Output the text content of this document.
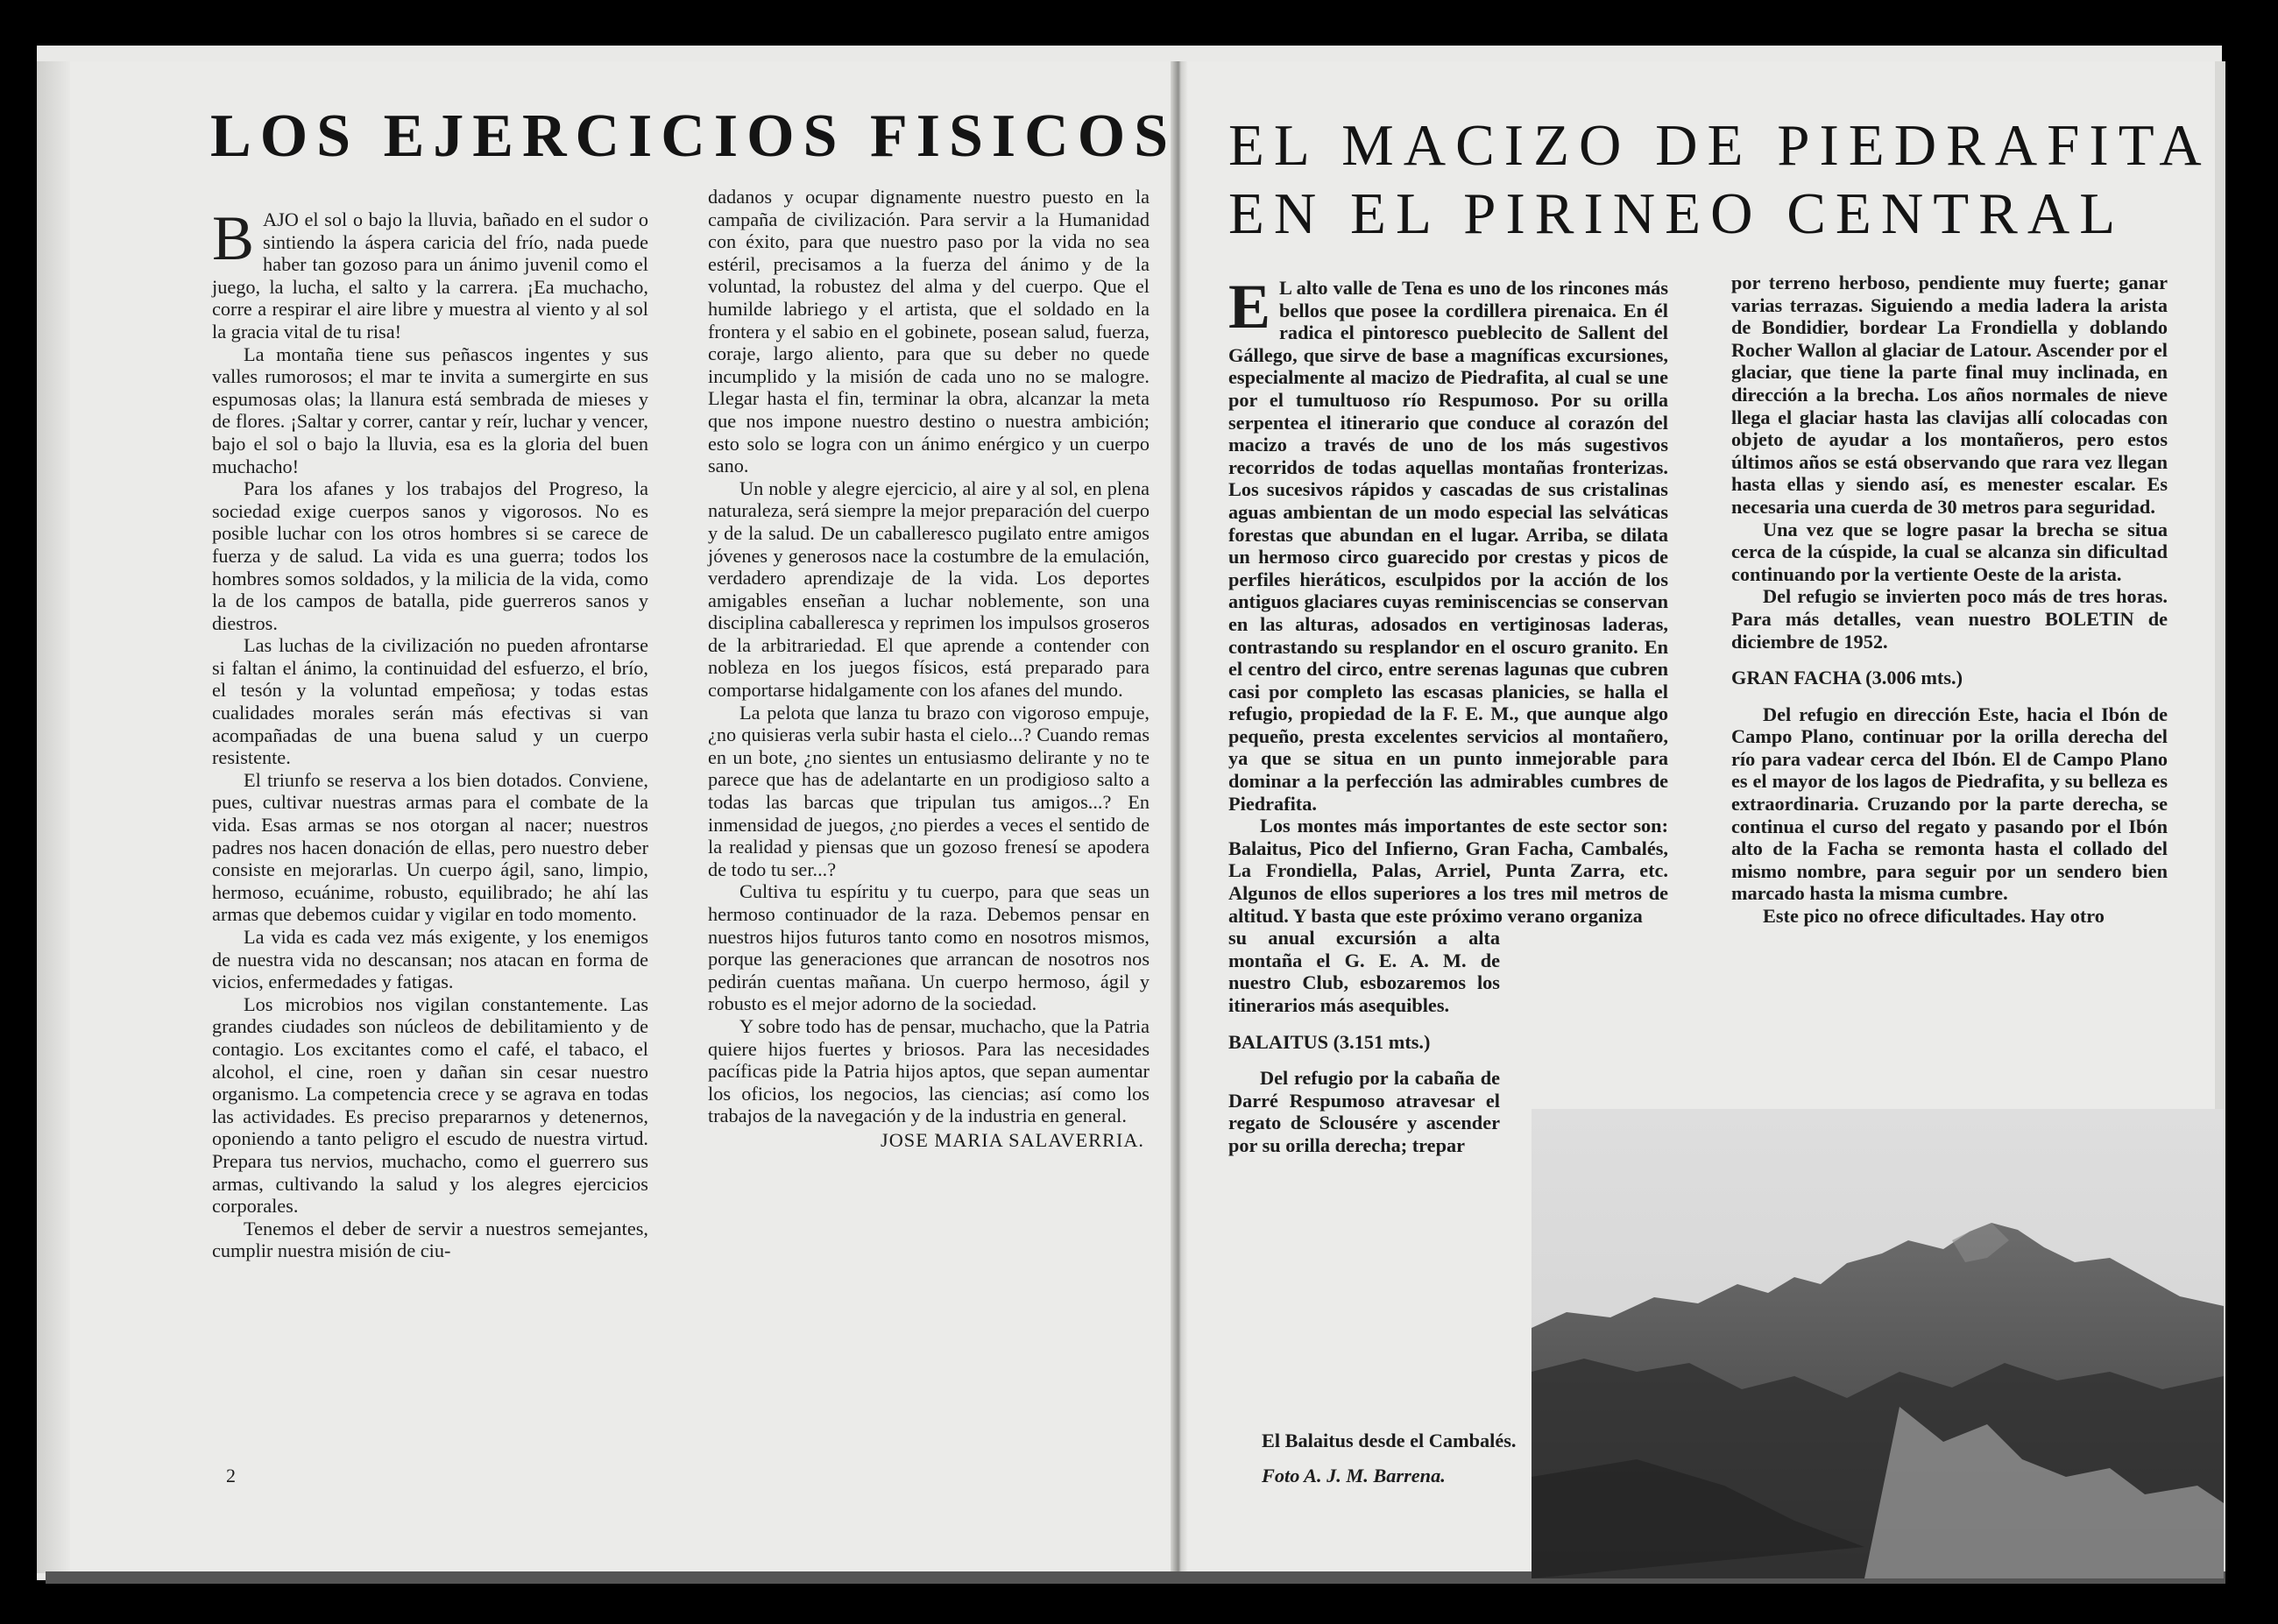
LOS EJERCICIOS FISICOS

BAJO el sol o bajo la lluvia, bañado en el sudor o sintiendo la áspera caricia del frío, nada puede haber tan gozoso para un ánimo juvenil como el juego, la lucha, el salto y la carrera. ¡Ea muchacho, corre a respirar el aire libre y muestra al viento y al sol la gracia vital de tu risa!

La montaña tiene sus peñascos ingentes y sus valles rumorosos; el mar te invita a sumergirte en sus espumosas olas; la llanura está sembrada de mieses y de flores. ¡Saltar y correr, cantar y reír, luchar y vencer, bajo el sol o bajo la lluvia, esa es la gloria del buen muchacho!

Para los afanes y los trabajos del Progreso, la sociedad exige cuerpos sanos y vigorosos. No es posible luchar con los otros hombres si se carece de fuerza y de salud. La vida es una guerra; todos los hombres somos soldados, y la milicia de la vida, como la de los campos de batalla, pide guerreros sanos y diestros.

Las luchas de la civilización no pueden afrontarse si faltan el ánimo, la continuidad del esfuerzo, el brío, el tesón y la voluntad empeñosa; y todas estas cualidades morales serán más efectivas si van acompañadas de una buena salud y un cuerpo resistente.

El triunfo se reserva a los bien dotados. Conviene, pues, cultivar nuestras armas para el combate de la vida. Esas armas se nos otorgan al nacer; nuestros padres nos hacen donación de ellas, pero nuestro deber consiste en mejorarlas. Un cuerpo ágil, sano, limpio, hermoso, ecuánime, robusto, equilibrado; he ahí las armas que debemos cuidar y vigilar en todo momento.

La vida es cada vez más exigente, y los enemigos de nuestra vida no descansan; nos atacan en forma de vicios, enfermedades y fatigas.

Los microbios nos vigilan constantemente. Las grandes ciudades son núcleos de debilitamiento y de contagio. Los excitantes como el café, el tabaco, el alcohol, el cine, roen y dañan sin cesar nuestro organismo. La competencia crece y se agrava en todas las actividades. Es preciso prepararnos y detenernos, oponiendo a tanto peligro el escudo de nuestra virtud. Prepara tus nervios, muchacho, como el guerrero sus armas, cultivando la salud y los alegres ejercicios corporales.

Tenemos el deber de servir a nuestros semejantes, cumplir nuestra misión de ciu-

dadanos y ocupar dignamente nuestro puesto en la campaña de civilización. Para servir a la Humanidad con éxito, para que nuestro paso por la vida no sea estéril, precisamos a la fuerza del ánimo y de la voluntad, la robustez del alma y del cuerpo. Que el humilde labriego y el artista, que el soldado en la frontera y el sabio en el gobinete, posean salud, fuerza, coraje, largo aliento, para que su deber no quede incumplido y la misión de cada uno no se malogre. Llegar hasta el fin, terminar la obra, alcanzar la meta que nos impone nuestro destino o nuestra ambición; esto solo se logra con un ánimo enérgico y un cuerpo sano.

Un noble y alegre ejercicio, al aire y al sol, en plena naturaleza, será siempre la mejor preparación del cuerpo y de la salud. De un caballeresco pugilato entre amigos jóvenes y generosos nace la costumbre de la emulación, verdadero aprendizaje de la vida. Los deportes amigables enseñan a luchar noblemente, son una disciplina caballeresca y reprimen los impulsos groseros de la arbitrariedad. El que aprende a contender con nobleza en los juegos físicos, está preparado para comportarse hidalgamente con los afanes del mundo.

La pelota que lanza tu brazo con vigoroso empuje, ¿no quisieras verla subir hasta el cielo...? Cuando remas en un bote, ¿no sientes un entusiasmo delirante y no te parece que has de adelantarte en un prodigioso salto a todas las barcas que tripulan tus amigos...? En inmensidad de juegos, ¿no pierdes a veces el sentido de la realidad y piensas que un gozoso frenesí se apodera de todo tu ser...?

Cultiva tu espíritu y tu cuerpo, para que seas un hermoso continuador de la raza. Debemos pensar en nuestros hijos futuros tanto como en nosotros mismos, porque las generaciones que arrancan de nosotros nos pedirán cuentas mañana. Un cuerpo hermoso, ágil y robusto es el mejor adorno de la sociedad.

Y sobre todo has de pensar, muchacho, que la Patria quiere hijos fuertes y briosos. Para las necesidades pacíficas pide la Patria hijos aptos, que sepan aumentar los oficios, los negocios, las ciencias; así como los trabajos de la navegación y de la industria en general.

JOSE MARIA SALAVERRIA.

2
EL MACIZO DE PIEDRAFITA
EN EL PIRINEO CENTRAL

E L alto valle de Tena es uno de los rincones más bellos que posee la cordillera pirenaica. En él radica el pintoresco pueblecito de Sallent del Gállego, que sirve de base a magníficas excursiones, especialmente al macizo de Piedrafita, al cual se une por el tumultuoso río Respumoso. Por su orilla serpentea el itinerario que conduce al corazón del macizo a través de uno de los más sugestivos recorridos de todas aquellas montañas fronterizas. Los sucesivos rápidos y cascadas de sus cristalinas aguas ambientan de un modo especial las selváticas forestas que abundan en el lugar. Arriba, se dilata un hermoso circo guarecido por crestas y picos de perfiles hieráticos, esculpidos por la acción de los antiguos glaciares cuyas reminiscencias se conservan en las alturas, adosados en vertiginosas laderas, contrastando su resplandor en el oscuro granito. En el centro del circo, entre serenas lagunas que cubren casi por completo las escasas planicies, se halla el refugio, propiedad de la F. E. M., que aunque algo pequeño, presta excelentes servicios al montañero, ya que se situa en un punto inmejorable para dominar a la perfección las admirables cumbres de Piedrafita.

Los montes más importantes de este sector son: Balaitus, Pico del Infierno, Gran Facha, Cambalés, La Frondiella, Palas, Arriel, Punta Zarra, etc. Algunos de ellos superiores a los tres mil metros de altitud. Y basta que este próximo verano organiza

su anual excursión a alta montaña el G. E. A. M. de nuestro Club, esbozaremos los itinerarios más asequibles.

BALAITUS (3.151 mts.)

Del refugio por la cabaña de Darré Respumoso atravesar el regato de Sclousére y ascender por su orilla derecha; trepar

por terreno herboso, pendiente muy fuerte; ganar varias terrazas. Siguiendo a media ladera la arista de Bondidier, bordear La Frondiella y doblando Rocher Wallon al glaciar de Latour. Ascender por el glaciar, que tiene la parte final muy inclinada, en dirección a la brecha. Los años normales de nieve llega el glaciar hasta las clavijas allí colocadas con objeto de ayudar a los montañeros, pero estos últimos años se está observando que rara vez llegan hasta ellas y siendo así, es menester escalar. Es necesaria una cuerda de 30 metros para seguridad.

Una vez que se logre pasar la brecha se situa cerca de la cúspide, la cual se alcanza sin dificultad continuando por la vertiente Oeste de la arista.

Del refugio se invierten poco más de tres horas. Para más detalles, vean nuestro BOLETIN de diciembre de 1952.

GRAN FACHA (3.006 mts.)

Del refugio en dirección Este, hacia el Ibón de Campo Plano, continuar por la orilla derecha del río para vadear cerca del Ibón. El de Campo Plano es el mayor de los lagos de Piedrafita, y su belleza es extraordinaria. Cruzando por la parte derecha, se continua el curso del regato y pasando por el Ibón alto de la Facha se remonta hasta el collado del mismo nombre, para seguir por un sendero bien marcado hasta la misma cumbre.

Este pico no ofrece dificultades. Hay otro

El Balaitus desde el Cambalés.
Foto A. J. M. Barrena.
